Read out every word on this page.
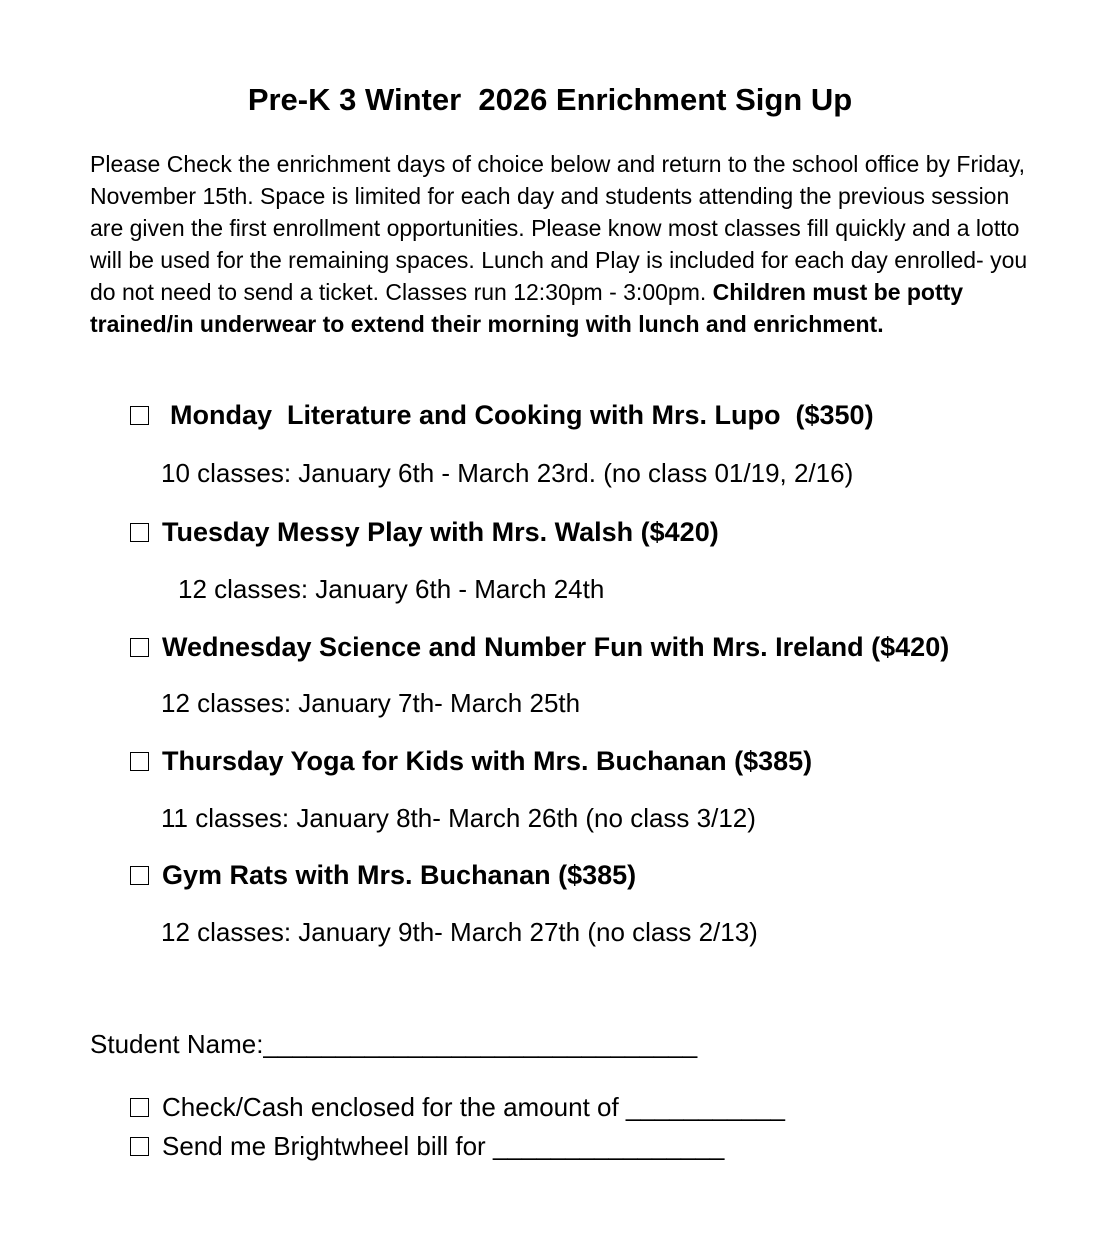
Pre-K 3 Winter  2026 Enrichment Sign Up
Please Check the enrichment days of choice below and return to the school office by Friday, November 15th. Space is limited for each day and students attending the previous session are given the first enrollment opportunities. Please know most classes fill quickly and a lotto will be used for the remaining spaces. Lunch and Play is included for each day enrolled- you do not need to send a ticket. Classes run 12:30pm - 3:00pm. Children must be potty trained/in underwear to extend their morning with lunch and enrichment.
Monday  Literature and Cooking with Mrs. Lupo  ($350)
10 classes: January 6th - March 23rd. (no class 01/19, 2/16)
Tuesday Messy Play with Mrs. Walsh ($420)
12 classes: January 6th - March 24th
Wednesday Science and Number Fun with Mrs. Ireland ($420)
12 classes: January 7th- March 25th
Thursday Yoga for Kids with Mrs. Buchanan ($385)
11 classes: January 8th- March 26th (no class 3/12)
Gym Rats with Mrs. Buchanan ($385)
12 classes: January 9th- March 27th (no class 2/13)
Student Name:______________________________
Check/Cash enclosed for the amount of ___________
Send me Brightwheel bill for ________________
